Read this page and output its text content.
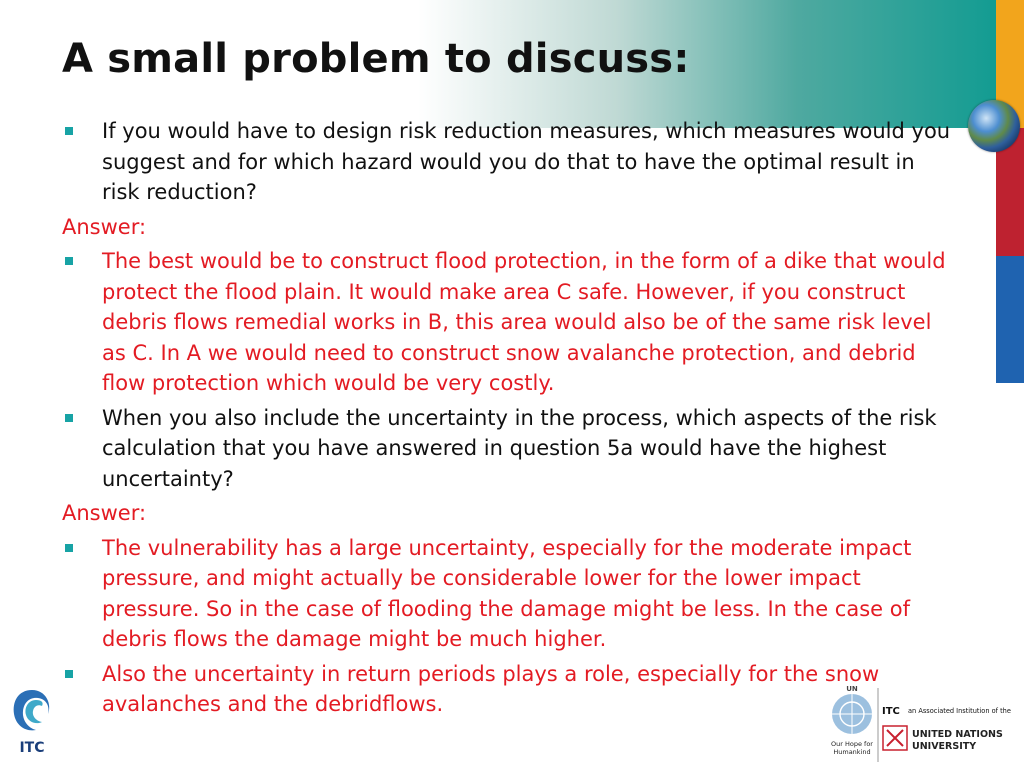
A small problem to discuss:
If you would have to design risk reduction measures, which measures would you suggest and for which hazard would you do that to have the optimal result in risk reduction?
Answer:
The best would be to construct flood protection, in the form of a dike that would protect the flood plain. It would make area C safe. However, if you construct debris flows remedial works in B, this area would also be of the same risk level as C. In A we would need to construct snow avalanche protection, and debrid flow protection which would be very costly.
When you also include the uncertainty in the process, which aspects of the risk calculation that you have answered in question 5a would have the highest uncertainty?
Answer:
The vulnerability has a large uncertainty, especially for the moderate impact pressure, and might actually be considerable lower for the lower impact pressure. So in the case of flooding the damage might be less. In the case of debris flows the damage might be much higher.
Also the uncertainty in return periods plays a role, especially for the snow avalanches and the debridflows.
ITC
UN
Our Hope for
Humankind
ITC an Associated Institution of the
UNITED NATIONS
UNIVERSITY
